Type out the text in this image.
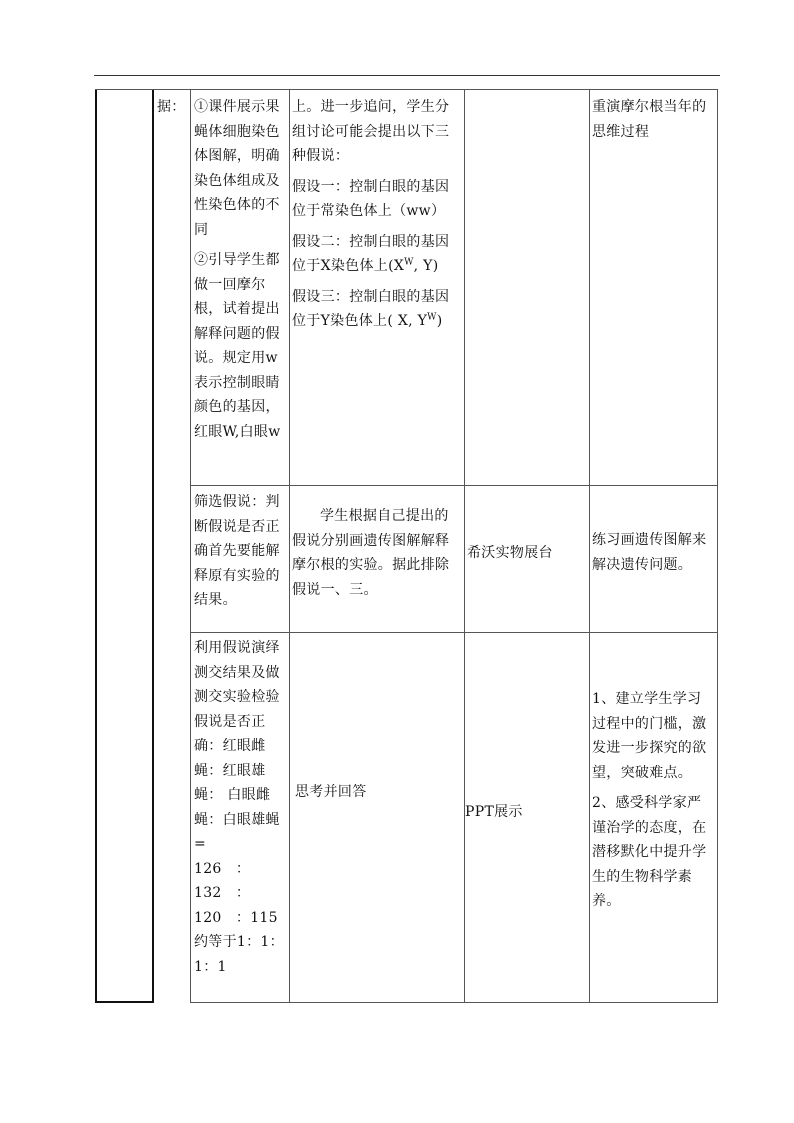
据： ①课件展示果蝇体细胞染色体图解，明确染色体组成及性染色体的不同

②引导学生都做一回摩尔根，试着提出解释问题的假说。规定用w表示控制眼睛颜色的基因，红眼W,白眼w

上。进一步追问，学生分组讨论可能会提出以下三种假说：

假设一：控制白眼的基因位于常染色体上（ww）

假设二：控制白眼的基因位于X染色体上($X^W$, Y)

假设三：控制白眼的基因位于Y染色体上( X, $Y^W$)

重演摩尔根当年的思维过程

筛选假说：判断假说是否正确首先要能解释原有实验的结果。

学生根据自己提出的假说分别画遗传图解解释摩尔根的实验。据此排除假说一、三。

希沃实物展台

练习画遗传图解来解决遗传问题。

利用假说演绎测交结果及做测交实验检验假说是否正确：红眼雌蝇：红眼雄蝇： 白眼雌蝇：白眼雄蝇=　　126　：132　：120　：115约等于1：1：1：1

思考并回答

PPT展示

1、建立学生学习过程中的门槛，激发进一步探究的欲望，突破难点。

2、感受科学家严谨治学的态度，在潜移默化中提升学生的生物科学素养。
